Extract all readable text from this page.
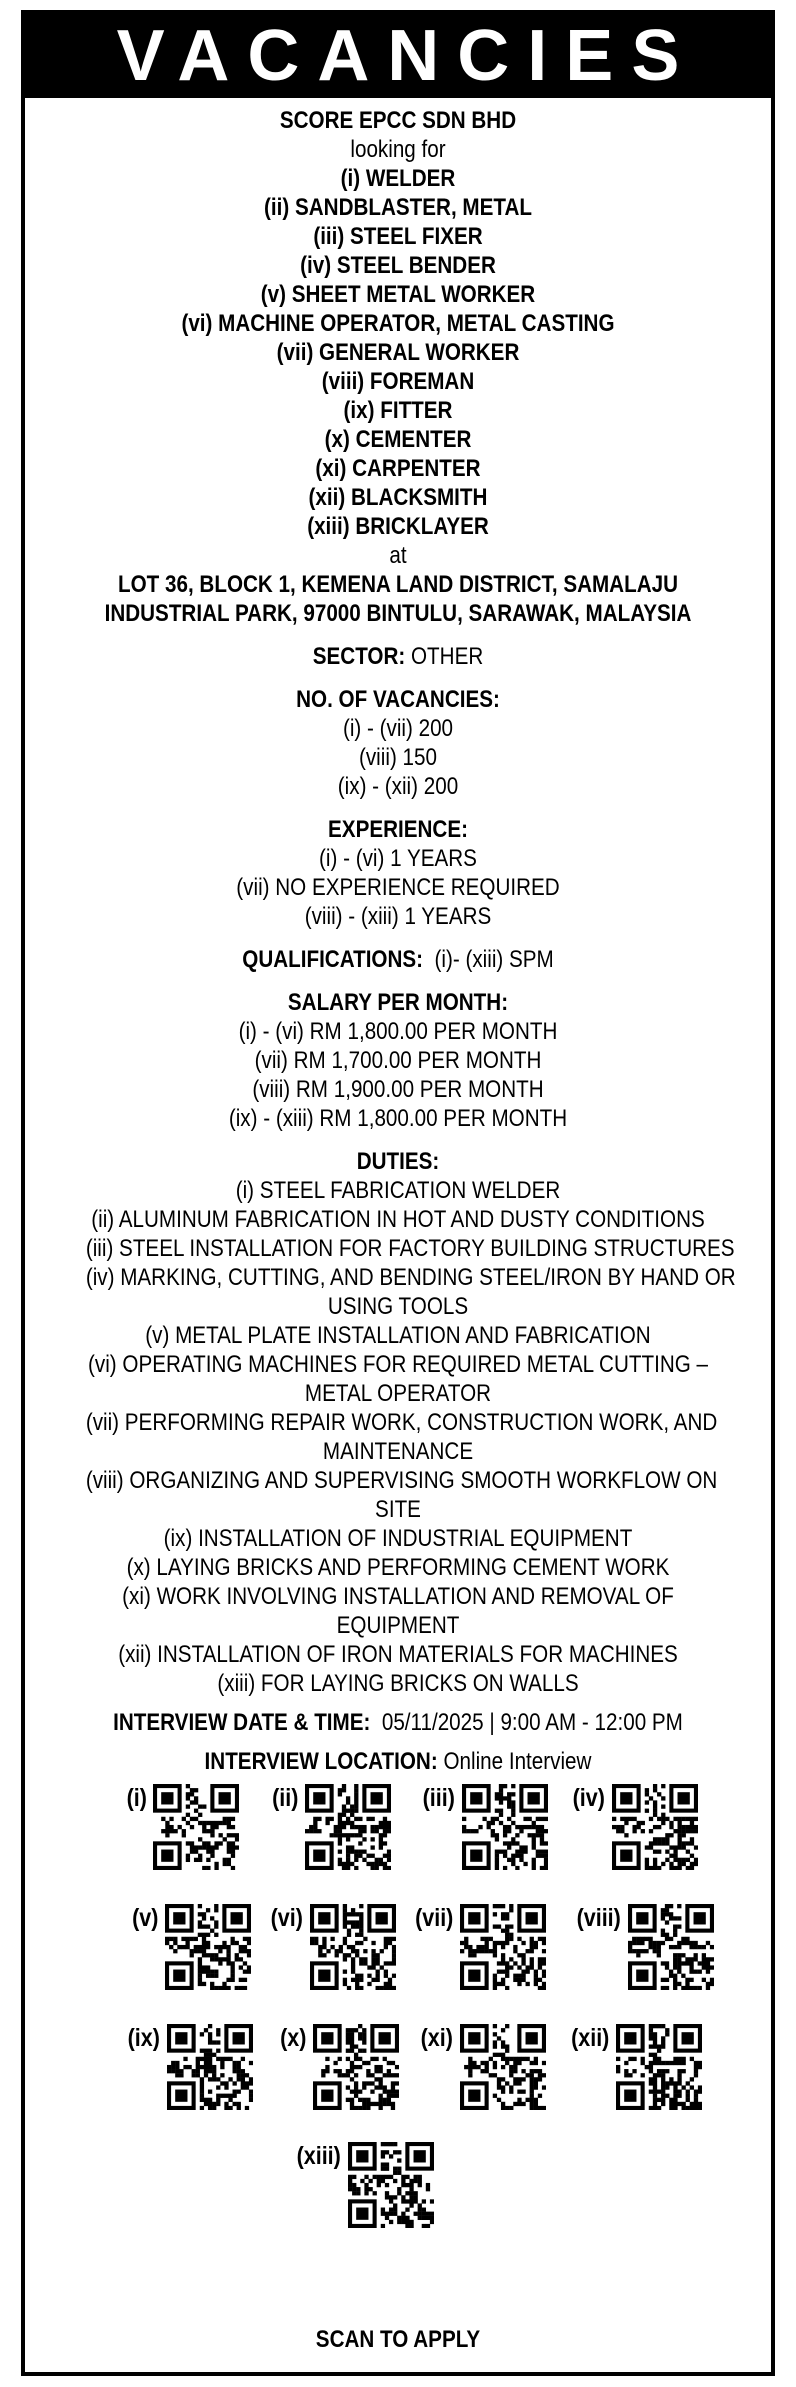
VACANCIES
SCORE EPCC SDN BHD
looking for
(i) WELDER
(ii) SANDBLASTER, METAL
(iii) STEEL FIXER
(iv) STEEL BENDER
(v) SHEET METAL WORKER
(vi) MACHINE OPERATOR, METAL CASTING
(vii) GENERAL WORKER
(viii) FOREMAN
(ix) FITTER
(x) CEMENTER
(xi) CARPENTER
(xii) BLACKSMITH
(xiii) BRICKLAYER
at
LOT 36, BLOCK 1, KEMENA LAND DISTRICT, SAMALAJU
INDUSTRIAL PARK, 97000 BINTULU, SARAWAK, MALAYSIA
SECTOR: OTHER
NO. OF VACANCIES:
(i) - (vii) 200
(viii) 150
(ix) - (xii) 200
EXPERIENCE:
(i) - (vi) 1 YEARS
(vii) NO EXPERIENCE REQUIRED
(viii) - (xiii) 1 YEARS
QUALIFICATIONS: (i)- (xiii) SPM
SALARY PER MONTH:
(i) - (vi) RM 1,800.00 PER MONTH
(vii) RM 1,700.00 PER MONTH
(viii) RM 1,900.00 PER MONTH
(ix) - (xiii) RM 1,800.00 PER MONTH
DUTIES:
(i) STEEL FABRICATION WELDER
(ii) ALUMINUM FABRICATION IN HOT AND DUSTY CONDITIONS
(iii) STEEL INSTALLATION FOR FACTORY BUILDING STRUCTURES
(iv) MARKING, CUTTING, AND BENDING STEEL/IRON BY HAND OR
USING TOOLS
(v) METAL PLATE INSTALLATION AND FABRICATION
(vi) OPERATING MACHINES FOR REQUIRED METAL CUTTING –
METAL OPERATOR
(vii) PERFORMING REPAIR WORK, CONSTRUCTION WORK, AND
MAINTENANCE
(viii) ORGANIZING AND SUPERVISING SMOOTH WORKFLOW ON
SITE
(ix) INSTALLATION OF INDUSTRIAL EQUIPMENT
(x) LAYING BRICKS AND PERFORMING CEMENT WORK
(xi) WORK INVOLVING INSTALLATION AND REMOVAL OF
EQUIPMENT
(xii) INSTALLATION OF IRON MATERIALS FOR MACHINES
(xiii) FOR LAYING BRICKS ON WALLS
INTERVIEW DATE & TIME: 05/11/2025 | 9:00 AM - 12:00 PM
INTERVIEW LOCATION: Online Interview
(i)	(ii)	(iii)	(iv)
(v)	(vi)	(vii)	(viii)
(ix)	(x)	(xi)	(xii)
(xiii)
SCAN TO APPLY
